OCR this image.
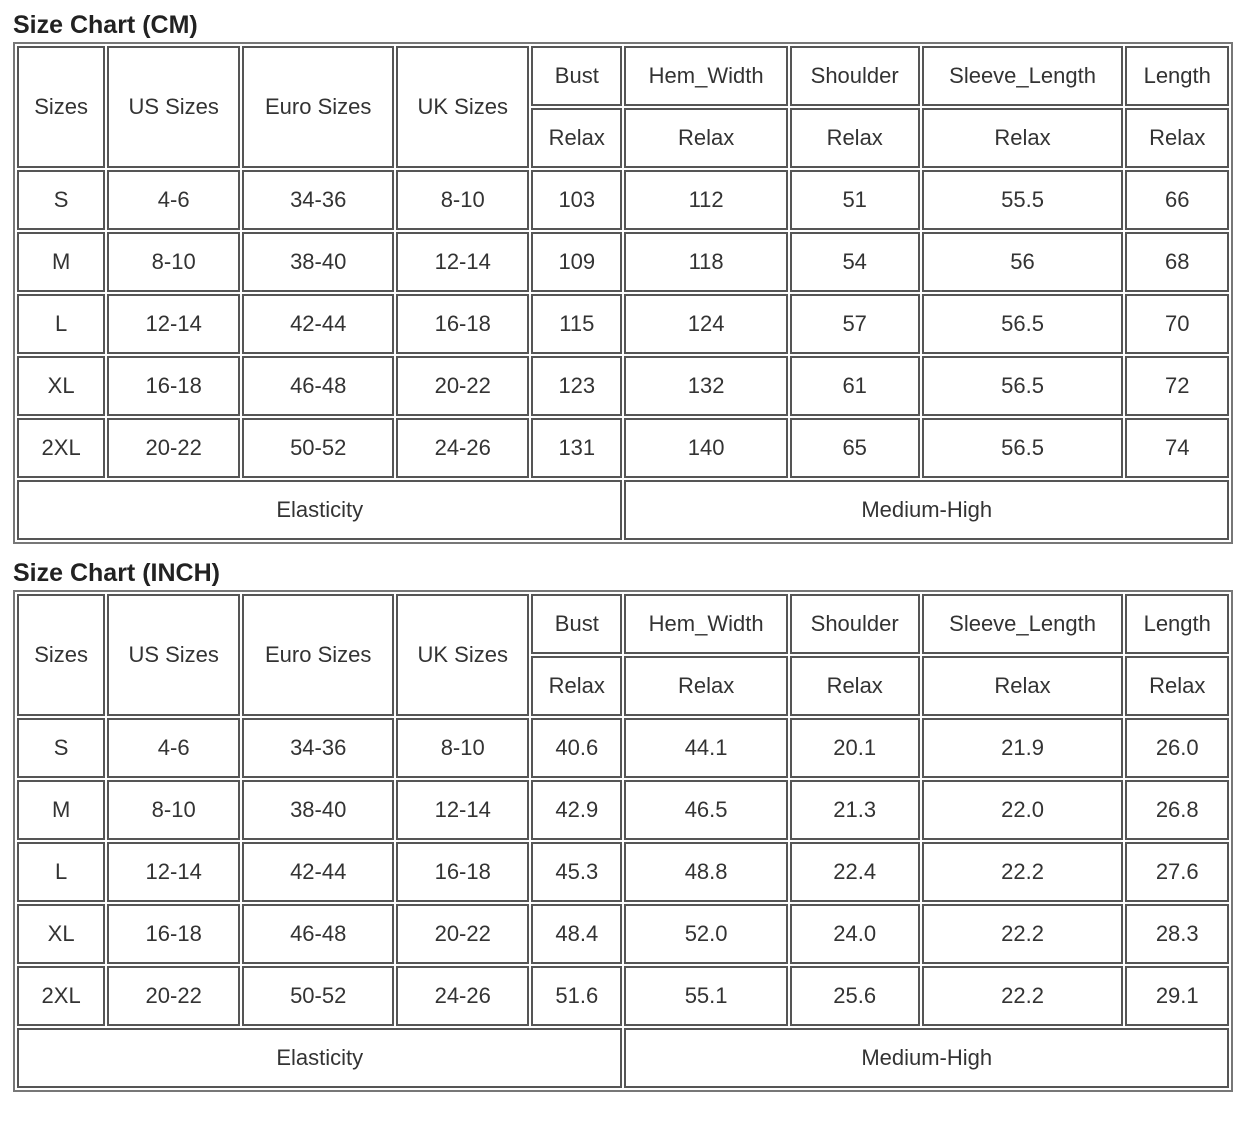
Size Chart (CM)
Sizes	US Sizes	Euro Sizes	UK Sizes	Bust	Hem_Width	Shoulder	Sleeve_Length	Length
				Relax	Relax	Relax	Relax	Relax
S	4-6	34-36	8-10	103	112	51	55.5	66
M	8-10	38-40	12-14	109	118	54	56	68
L	12-14	42-44	16-18	115	124	57	56.5	70
XL	16-18	46-48	20-22	123	132	61	56.5	72
2XL	20-22	50-52	24-26	131	140	65	56.5	74
Elasticity					Medium-High			
Size Chart (INCH)
Sizes	US Sizes	Euro Sizes	UK Sizes	Bust	Hem_Width	Shoulder	Sleeve_Length	Length
				Relax	Relax	Relax	Relax	Relax
S	4-6	34-36	8-10	40.6	44.1	20.1	21.9	26.0
M	8-10	38-40	12-14	42.9	46.5	21.3	22.0	26.8
L	12-14	42-44	16-18	45.3	48.8	22.4	22.2	27.6
XL	16-18	46-48	20-22	48.4	52.0	24.0	22.2	28.3
2XL	20-22	50-52	24-26	51.6	55.1	25.6	22.2	29.1
Elasticity					Medium-High			
